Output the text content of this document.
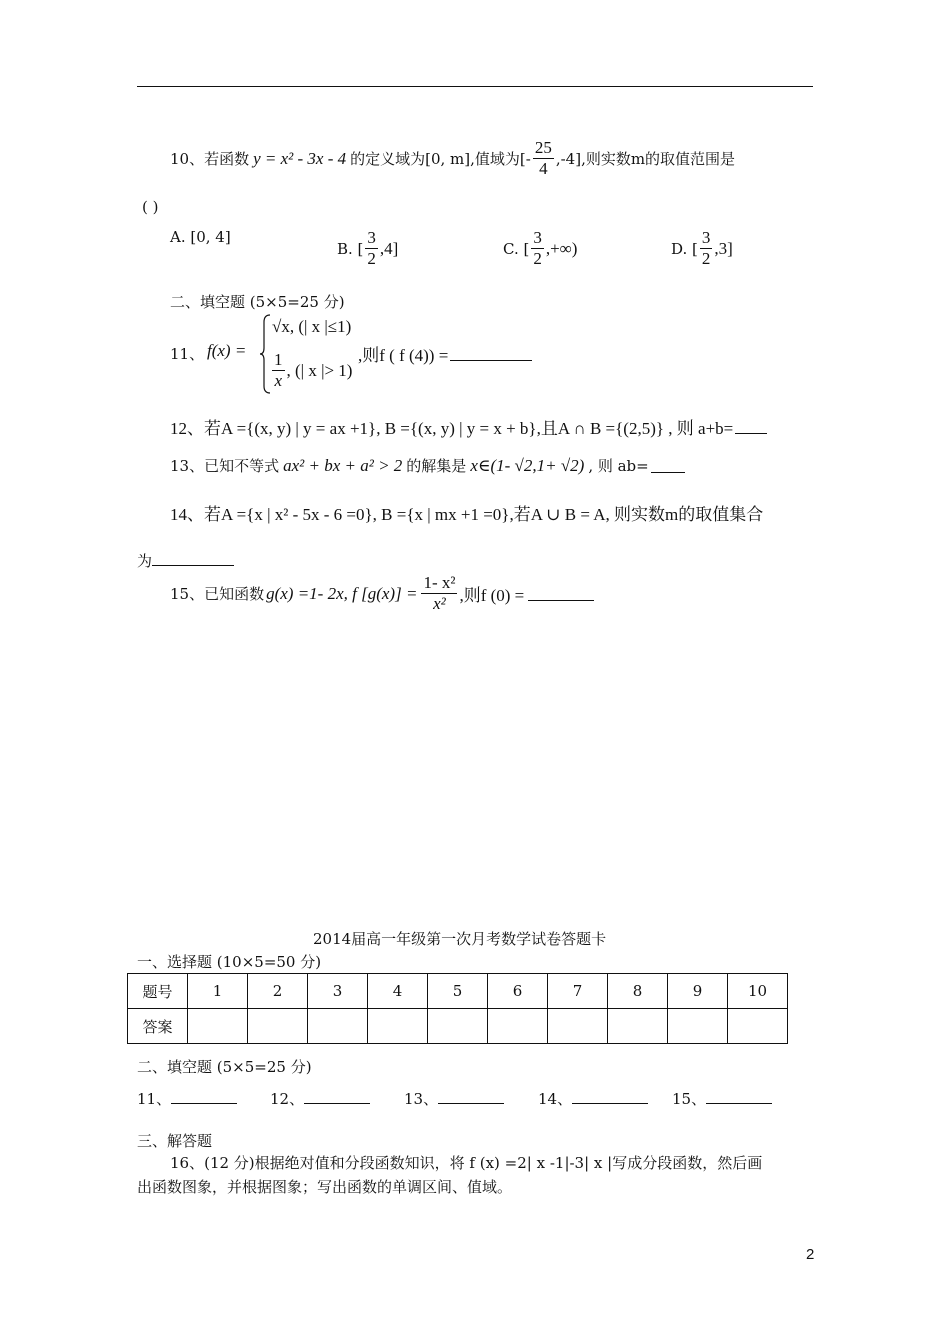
10、若函数 y = x² - 3x - 4 的定义域为[0, m],值域为[- $\frac{25}{4} ,-4$] ,则实数m的取值范围是
( )
A. [0, 4]
B. [ $\frac{3}{2} ,4$]	C. [ $\frac{3}{2}$ ,+∞)	D. [ $\frac{3}{2} ,3$]
二、填空题 (5×5=25 分)
11、 f(x) =
√x, (| x |≤1)
$\frac{1}{x}$ , (| x |> 1)
,则f ( f (4)) =
12、若A ={(x, y) | y = ax +1}, B ={(x, y) | y = x + b},且A ∩ B ={(2,5)} , 则 a+b=
13、已知不等式 ax² + bx + a² > 2 的解集是 x∈(1- √2,1+ √2) , 则 ab=
14、若A ={x | x² - 5x - 6 =0}, B ={x | mx +1 =0},若A ∪ B = A, 则实数m的取值集合
为
15、已知函数 g(x) =1- 2x, f $[g(x)] = \frac{\text{1- x²}}{\text{x²}}$ ,则f (0) =
2014届高一年级第一次月考数学试卷答题卡
一、选择题 (10×5=50 分)
题号	1	2	3	4	5	6	7	8	9	10
答案										
二、填空题 (5×5=25 分)
11、	12、	13、	14、	15、
三、解答题
16、(12 分)根据绝对值和分段函数知识，将 f (x) =2| x -1|-3| x |写成分段函数，然后画
出函数图象，并根据图象；写出函数的单调区间、值域。
2
